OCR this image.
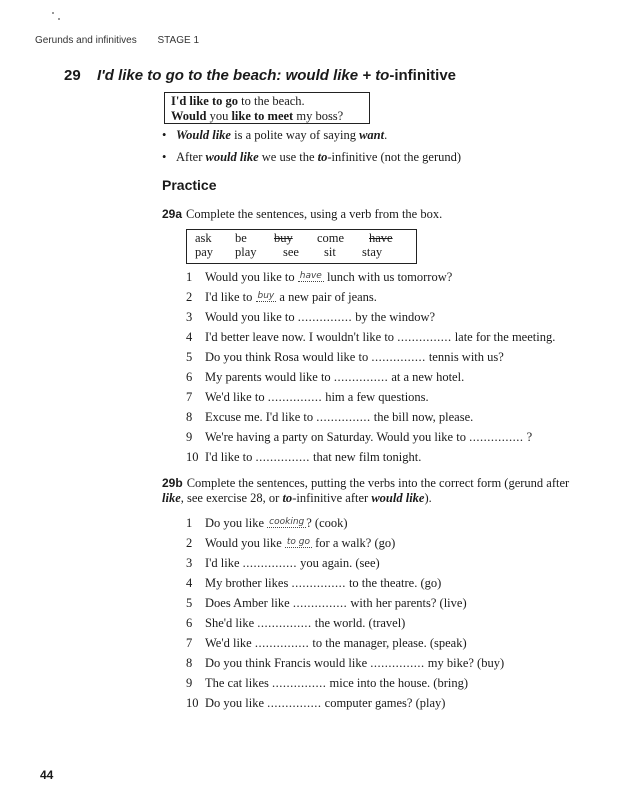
Gerunds and infinitives STAGE 1
29 I'd like to go to the beach: would like + to-infinitive
I'd like to go to the beach.
Would you like to meet my boss?
• Would like is a polite way of saying want.
• After would like we use the to-infinitive (not the gerund)
Practice
29a Complete the sentences, using a verb from the box.
ask be buy come have
pay play see sit stay
1	Would you like to $^{have}$ lunch with us tomorrow?
2	I'd like to $^{buy}$ a new pair of jeans.
3	Would you like to ............... by the window?
4	I'd better leave now. I wouldn't like to ............... late for the meeting.
5	Do you think Rosa would like to ............... tennis with us?
6	My parents would like to ............... at a new hotel.
7	We'd like to ............... him a few questions.
8	Excuse me. I'd like to ............... the bill now, please.
9	We're having a party on Saturday. Would you like to ............... ?
10 I'd like to ............... that new film tonight.
29b Complete the sentences, putting the verbs into the correct form (gerund after
like, see exercise 28, or to-infinitive after would like).
1	Do you like $^{cooking}$ ? (cook)
2	Would you like $^{to go}$ for a walk? (go)
3	I'd like ............... you again. (see)
4	My brother likes ............... to the theatre. (go)
5	Does Amber like ............... with her parents? (live)
6	She'd like ............... the world. (travel)
7	We'd like ............... to the manager, please. (speak)
8	Do you think Francis would like ............... my bike? (buy)
9	The cat likes ............... mice into the house. (bring)
10 Do you like ............... computer games? (play)
44
